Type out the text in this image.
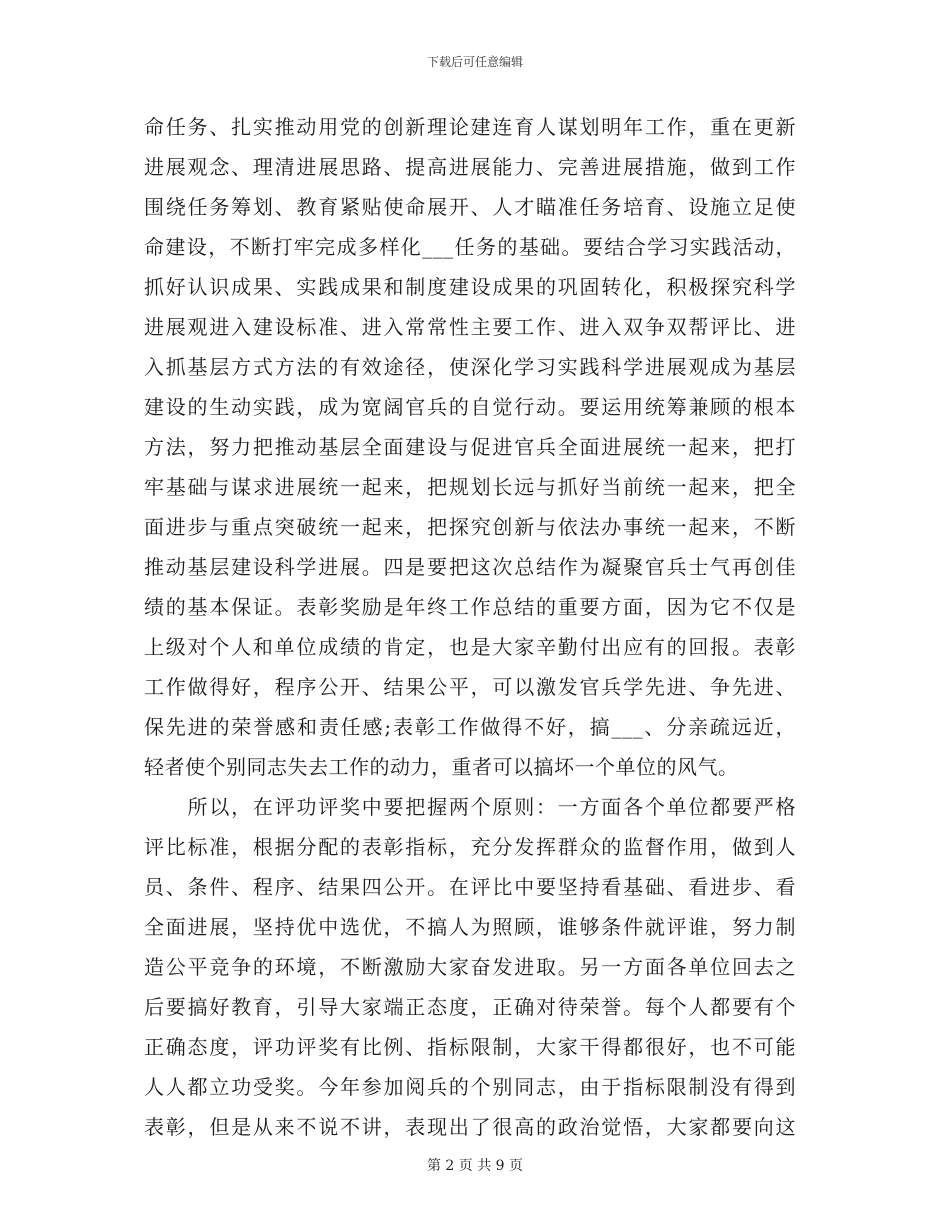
下载后可任意编辑
命任务、扎实推动用党的创新理论建连育人谋划明年工作，重在更新
进展观念、理清进展思路、提高进展能力、完善进展措施，做到工作
围绕任务筹划、教育紧贴使命展开、人才瞄准任务培育、设施立足使
命建设，不断打牢完成多样化___任务的基础。要结合学习实践活动，
抓好认识成果、实践成果和制度建设成果的巩固转化，积极探究科学
进展观进入建设标准、进入常常性主要工作、进入双争双帮评比、进
入抓基层方式方法的有效途径，使深化学习实践科学进展观成为基层
建设的生动实践，成为宽阔官兵的自觉行动。要运用统筹兼顾的根本
方法，努力把推动基层全面建设与促进官兵全面进展统一起来，把打
牢基础与谋求进展统一起来，把规划长远与抓好当前统一起来，把全
面进步与重点突破统一起来，把探究创新与依法办事统一起来，不断
推动基层建设科学进展。四是要把这次总结作为凝聚官兵士气再创佳
绩的基本保证。表彰奖励是年终工作总结的重要方面，因为它不仅是
上级对个人和单位成绩的肯定，也是大家辛勤付出应有的回报。表彰
工作做得好，程序公开、结果公平，可以激发官兵学先进、争先进、
保先进的荣誉感和责任感;表彰工作做得不好，搞___、分亲疏远近，
轻者使个别同志失去工作的动力，重者可以搞坏一个单位的风气。
　　所以，在评功评奖中要把握两个原则：一方面各个单位都要严格
评比标准，根据分配的表彰指标，充分发挥群众的监督作用，做到人
员、条件、程序、结果四公开。在评比中要坚持看基础、看进步、看
全面进展，坚持优中选优，不搞人为照顾，谁够条件就评谁，努力制
造公平竞争的环境，不断激励大家奋发进取。另一方面各单位回去之
后要搞好教育，引导大家端正态度，正确对待荣誉。每个人都要有个
正确态度，评功评奖有比例、指标限制，大家干得都很好，也不可能
人人都立功受奖。今年参加阅兵的个别同志，由于指标限制没有得到
表彰，但是从来不说不讲，表现出了很高的政治觉悟，大家都要向这
第 2 页 共 9 页
